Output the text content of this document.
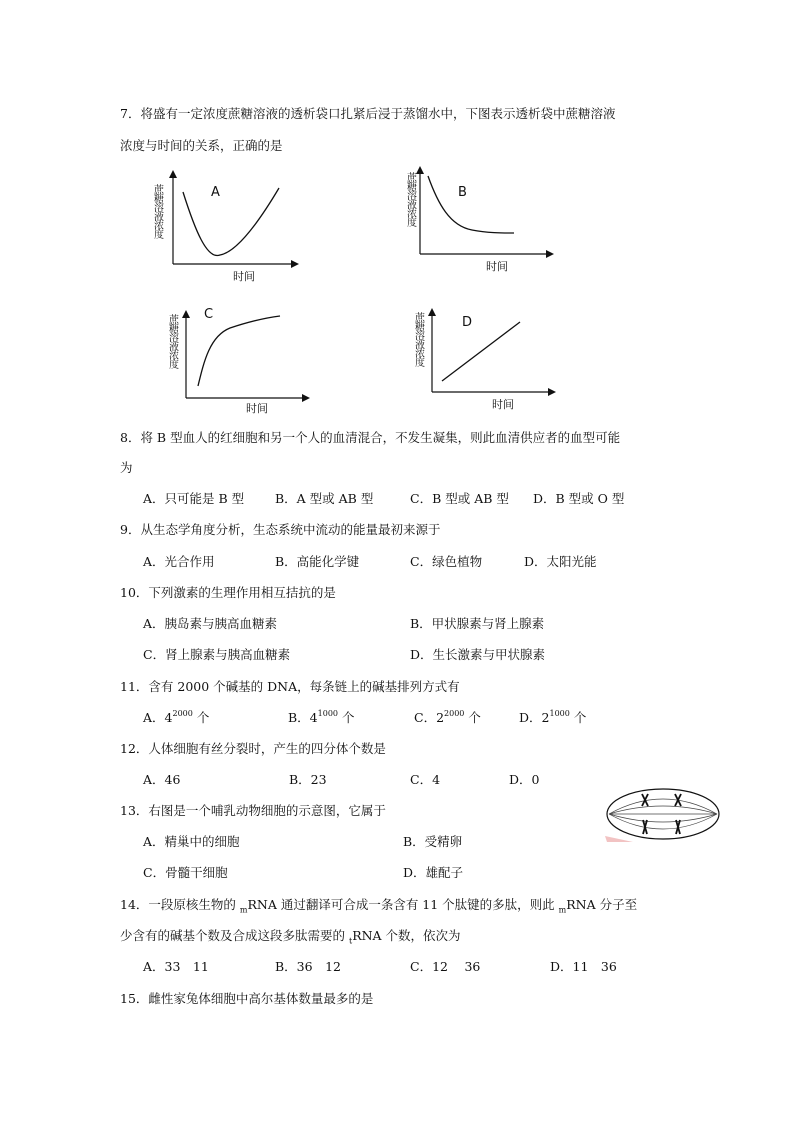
7．将盛有一定浓度蔗糖溶液的透析袋口扎紧后浸于蒸馏水中，下图表示透析袋中蔗糖溶液
浓度与时间的关系，正确的是
A
时间
蔗糖溶液浓度	B
时间
蔗糖溶液浓度
C
时间
蔗糖溶液浓度	D
时间
蔗糖溶液浓度
8．将 B 型血人的红细胞和另一个人的血清混合，不发生凝集，则此血清供应者的血型可能
为
A．只可能是 B 型 B．A 型或 AB 型	C．B 型或 AB 型 D．B 型或 O 型
9．从生态学角度分析，生态系统中流动的能量最初来源于
A．光合作用	B．高能化学键	C．绿色植物	D．太阳光能
10．下列激素的生理作用相互拮抗的是
A．胰岛素与胰高血糖素	B．甲状腺素与肾上腺素
C．肾上腺素与胰高血糖素	D．生长激素与甲状腺素
11．含有 2000 个碱基的 DNA，每条链上的碱基排列方式有
A．$4^{2000}$ 个	B．$4^{1000}$ 个	C．$2^{2000}$ 个	D．$2^{1000}$ 个
12．人体细胞有丝分裂时，产生的四分体个数是
A．46	B．23	C．4	D．0
13．右图是一个哺乳动物细胞的示意图，它属于
A．精巢中的细胞	B．受精卵
C．骨髓干细胞	D．雄配子
14．一段原核生物的 $_m$RNA 通过翻译可合成一条含有 11 个肽键的多肽，则此 $_m$RNA 分子至
少含有的碱基个数及合成这段多肽需要的 $_t$RNA 个数，依次为
A．33　11	B．36　12	C．12　 36	D．11　36
15．雌性家兔体细胞中高尔基体数量最多的是
